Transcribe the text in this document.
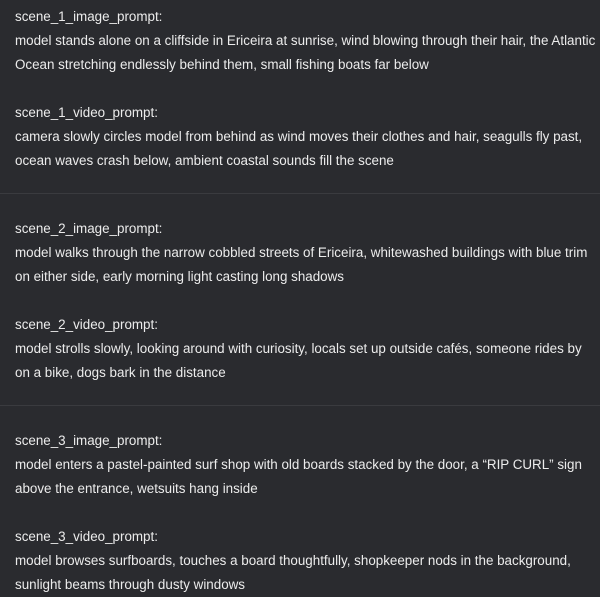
scene_1_image_prompt:
model stands alone on a cliffside in Ericeira at sunrise, wind blowing through their hair, the Atlantic Ocean stretching endlessly behind them, small fishing boats far below
scene_1_video_prompt:
camera slowly circles model from behind as wind moves their clothes and hair, seagulls fly past, ocean waves crash below, ambient coastal sounds fill the scene
scene_2_image_prompt:
model walks through the narrow cobbled streets of Ericeira, whitewashed buildings with blue trim on either side, early morning light casting long shadows
scene_2_video_prompt:
model strolls slowly, looking around with curiosity, locals set up outside cafés, someone rides by on a bike, dogs bark in the distance
scene_3_image_prompt:
model enters a pastel-painted surf shop with old boards stacked by the door, a “RIP CURL” sign above the entrance, wetsuits hang inside
scene_3_video_prompt:
model browses surfboards, touches a board thoughtfully, shopkeeper nods in the background, sunlight beams through dusty windows
